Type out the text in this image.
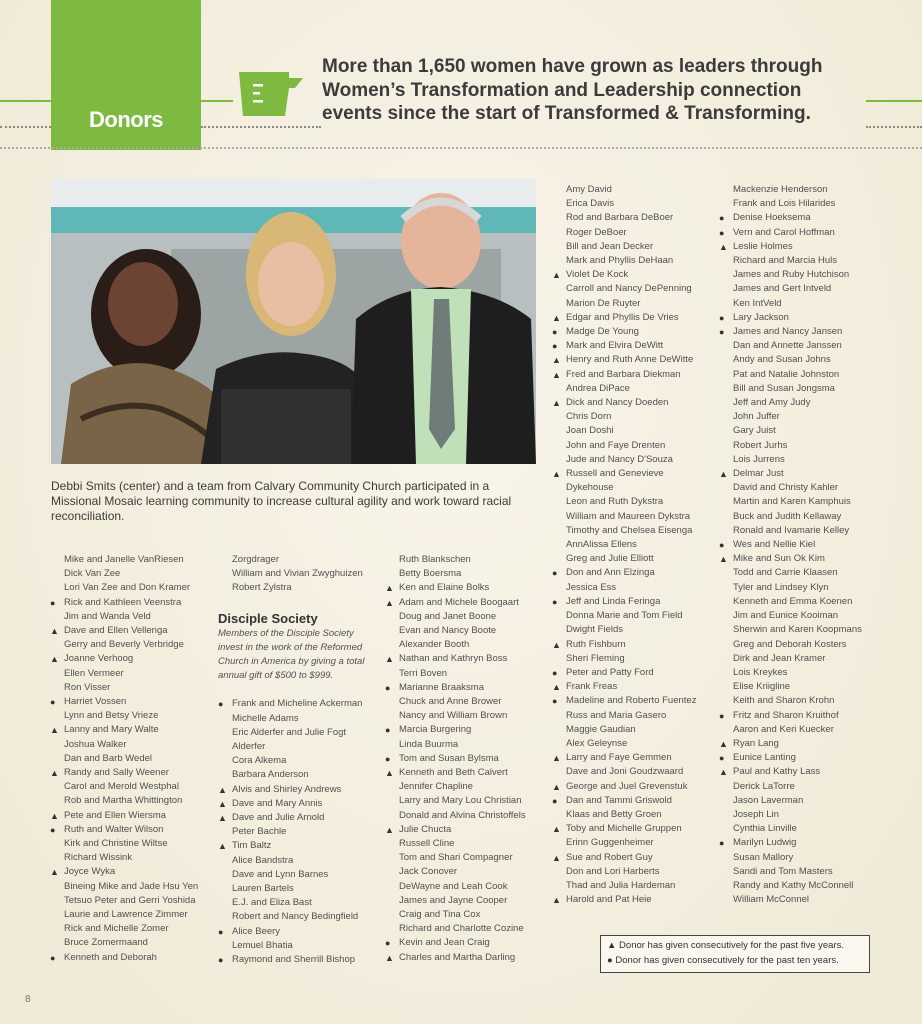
Donors
More than 1,650 women have grown as leaders through
Women’s Transformation and Leadership connection
events since the start of Transformed & Transforming.
Debbi Smits (center) and a team from Calvary Community Church participated in a Missional Mosaic learning community to increase cultural agility and work toward racial reconciliation.
Mike and Janelle VanRiesen
Dick Van Zee
Lori Van Zee and Don Kramer
● Rick and Kathleen Veenstra
Jim and Wanda Veld
▲ Dave and Ellen Vellenga
Gerry and Beverly Verbridge
▲ Joanne Verhoog
Ellen Vermeer
Ron Visser
● Harriet Vossen
Lynn and Betsy Vrieze
▲ Lanny and Mary Walte
Joshua Walker
Dan and Barb Wedel
▲ Randy and Sally Weener
Carol and Merold Westphal
Rob and Martha Whittington
▲ Pete and Ellen Wiersma
● Ruth and Walter Wilson
Kirk and Christine Wiltse
Richard Wissink
▲ Joyce Wyka
Bineing Mike and Jade Hsu Yen
Tetsuo Peter and Gerri Yoshida
Laurie and Lawrence Zimmer
Rick and Michelle Zomer
Bruce Zomermaand
● Kenneth and Deborah
Zorgdrager
William and Vivian Zwyghuizen
Robert Zylstra
Disciple Society
Members of the Disciple Society invest in the work of the Reformed Church in America by giving a total annual gift of $500 to $999.
● Frank and Micheline Ackerman
Michelle Adams
Eric Alderfer and Julie Fogt
Alderfer
Cora Alkema
Barbara Anderson
▲ Alvis and Shirley Andrews
▲ Dave and Mary Annis
▲ Dave and Julie Arnold
Peter Bachle
▲ Tim Baltz
Alice Bandstra
Dave and Lynn Barnes
Lauren Bartels
E.J. and Eliza Bast
Robert and Nancy Bedingfield
● Alice Beery
Lemuel Bhatia
● Raymond and Sherrill Bishop
Ruth Blankschen
Betty Boersma
▲ Ken and Elaine Bolks
▲ Adam and Michele Boogaart
Doug and Janet Boone
Evan and Nancy Boote
Alexander Booth
▲ Nathan and Kathryn Boss
Terri Boven
● Marianne Braaksma
Chuck and Anne Brower
Nancy and William Brown
● Marcia Burgering
Linda Buurma
● Tom and Susan Bylsma
▲ Kenneth and Beth Calvert
Jennifer Chapline
Larry and Mary Lou Christian
Donald and Alvina Christoffels
▲ Julie Chucta
Russell Cline
Tom and Shari Compagner
Jack Conover
DeWayne and Leah Cook
James and Jayne Cooper
Craig and Tina Cox
Richard and Charlotte Cozine
● Kevin and Jean Craig
▲ Charles and Martha Darling
Amy David
Erica Davis
Rod and Barbara DeBoer
Roger DeBoer
Bill and Jean Decker
Mark and Phyllis DeHaan
▲ Violet De Kock
Carroll and Nancy DePenning
Marion De Ruyter
▲ Edgar and Phyllis De Vries
● Madge De Young
● Mark and Elvira DeWitt
▲ Henry and Ruth Anne DeWitte
▲ Fred and Barbara Diekman
Andrea DiPace
▲ Dick and Nancy Doeden
Chris Dorn
Joan Doshi
John and Faye Drenten
Jude and Nancy D'Souza
▲ Russell and Genevieve
Dykehouse
Leon and Ruth Dykstra
William and Maureen Dykstra
Timothy and Chelsea Eisenga
AnnAlissa Ellens
Greg and Julie Elliott
● Don and Ann Elzinga
Jessica Ess
● Jeff and Linda Feringa
Donna Marie and Tom Field
Dwight Fields
▲ Ruth Fishburn
Sheri Fleming
● Peter and Patty Ford
▲ Frank Freas
● Madeline and Roberto Fuentez
Russ and Maria Gasero
Maggie Gaudian
Alex Geleynse
▲ Larry and Faye Gemmen
Dave and Joni Goudzwaard
▲ George and Juel Grevenstuk
● Dan and Tammi Griswold
Klaas and Betty Groen
▲ Toby and Michelle Gruppen
Erinn Guggenheimer
▲ Sue and Robert Guy
Don and Lori Harberts
Thad and Julia Hardeman
▲ Harold and Pat Heie
Mackenzie Henderson
Frank and Lois Hilarides
● Denise Hoeksema
● Vern and Carol Hoffman
▲ Leslie Holmes
Richard and Marcia Huls
James and Ruby Hutchison
James and Gert Intveld
Ken IntVeld
● Lary Jackson
● James and Nancy Jansen
Dan and Annette Janssen
Andy and Susan Johns
Pat and Natalie Johnston
Bill and Susan Jongsma
Jeff and Amy Judy
John Juffer
Gary Juist
Robert Jurhs
Lois Jurrens
▲ Delmar Just
David and Christy Kahler
Martin and Karen Kamphuis
Buck and Judith Kellaway
Ronald and Ivamarie Kelley
● Wes and Nellie Kiel
▲ Mike and Sun Ok Kim
Todd and Carrie Klaasen
Tyler and Lindsey Klyn
Kenneth and Emma Koenen
Jim and Eunice Kooiman
Sherwin and Karen Koopmans
Greg and Deborah Kosters
Dirk and Jean Kramer
Lois Kreykes
Elise Kriigline
Keith and Sharon Krohn
● Fritz and Sharon Kruithof
Aaron and Keri Kuecker
▲ Ryan Lang
● Eunice Lanting
▲ Paul and Kathy Lass
Derick LaTorre
Jason Laverman
Joseph Lin
Cynthia Linville
● Marilyn Ludwig
Susan Mallory
Sandi and Tom Masters
Randy and Kathy McConnell
William McConnel
▲ Donor has given consecutively for the past five years.
● Donor has given consecutively for the past ten years.
8
